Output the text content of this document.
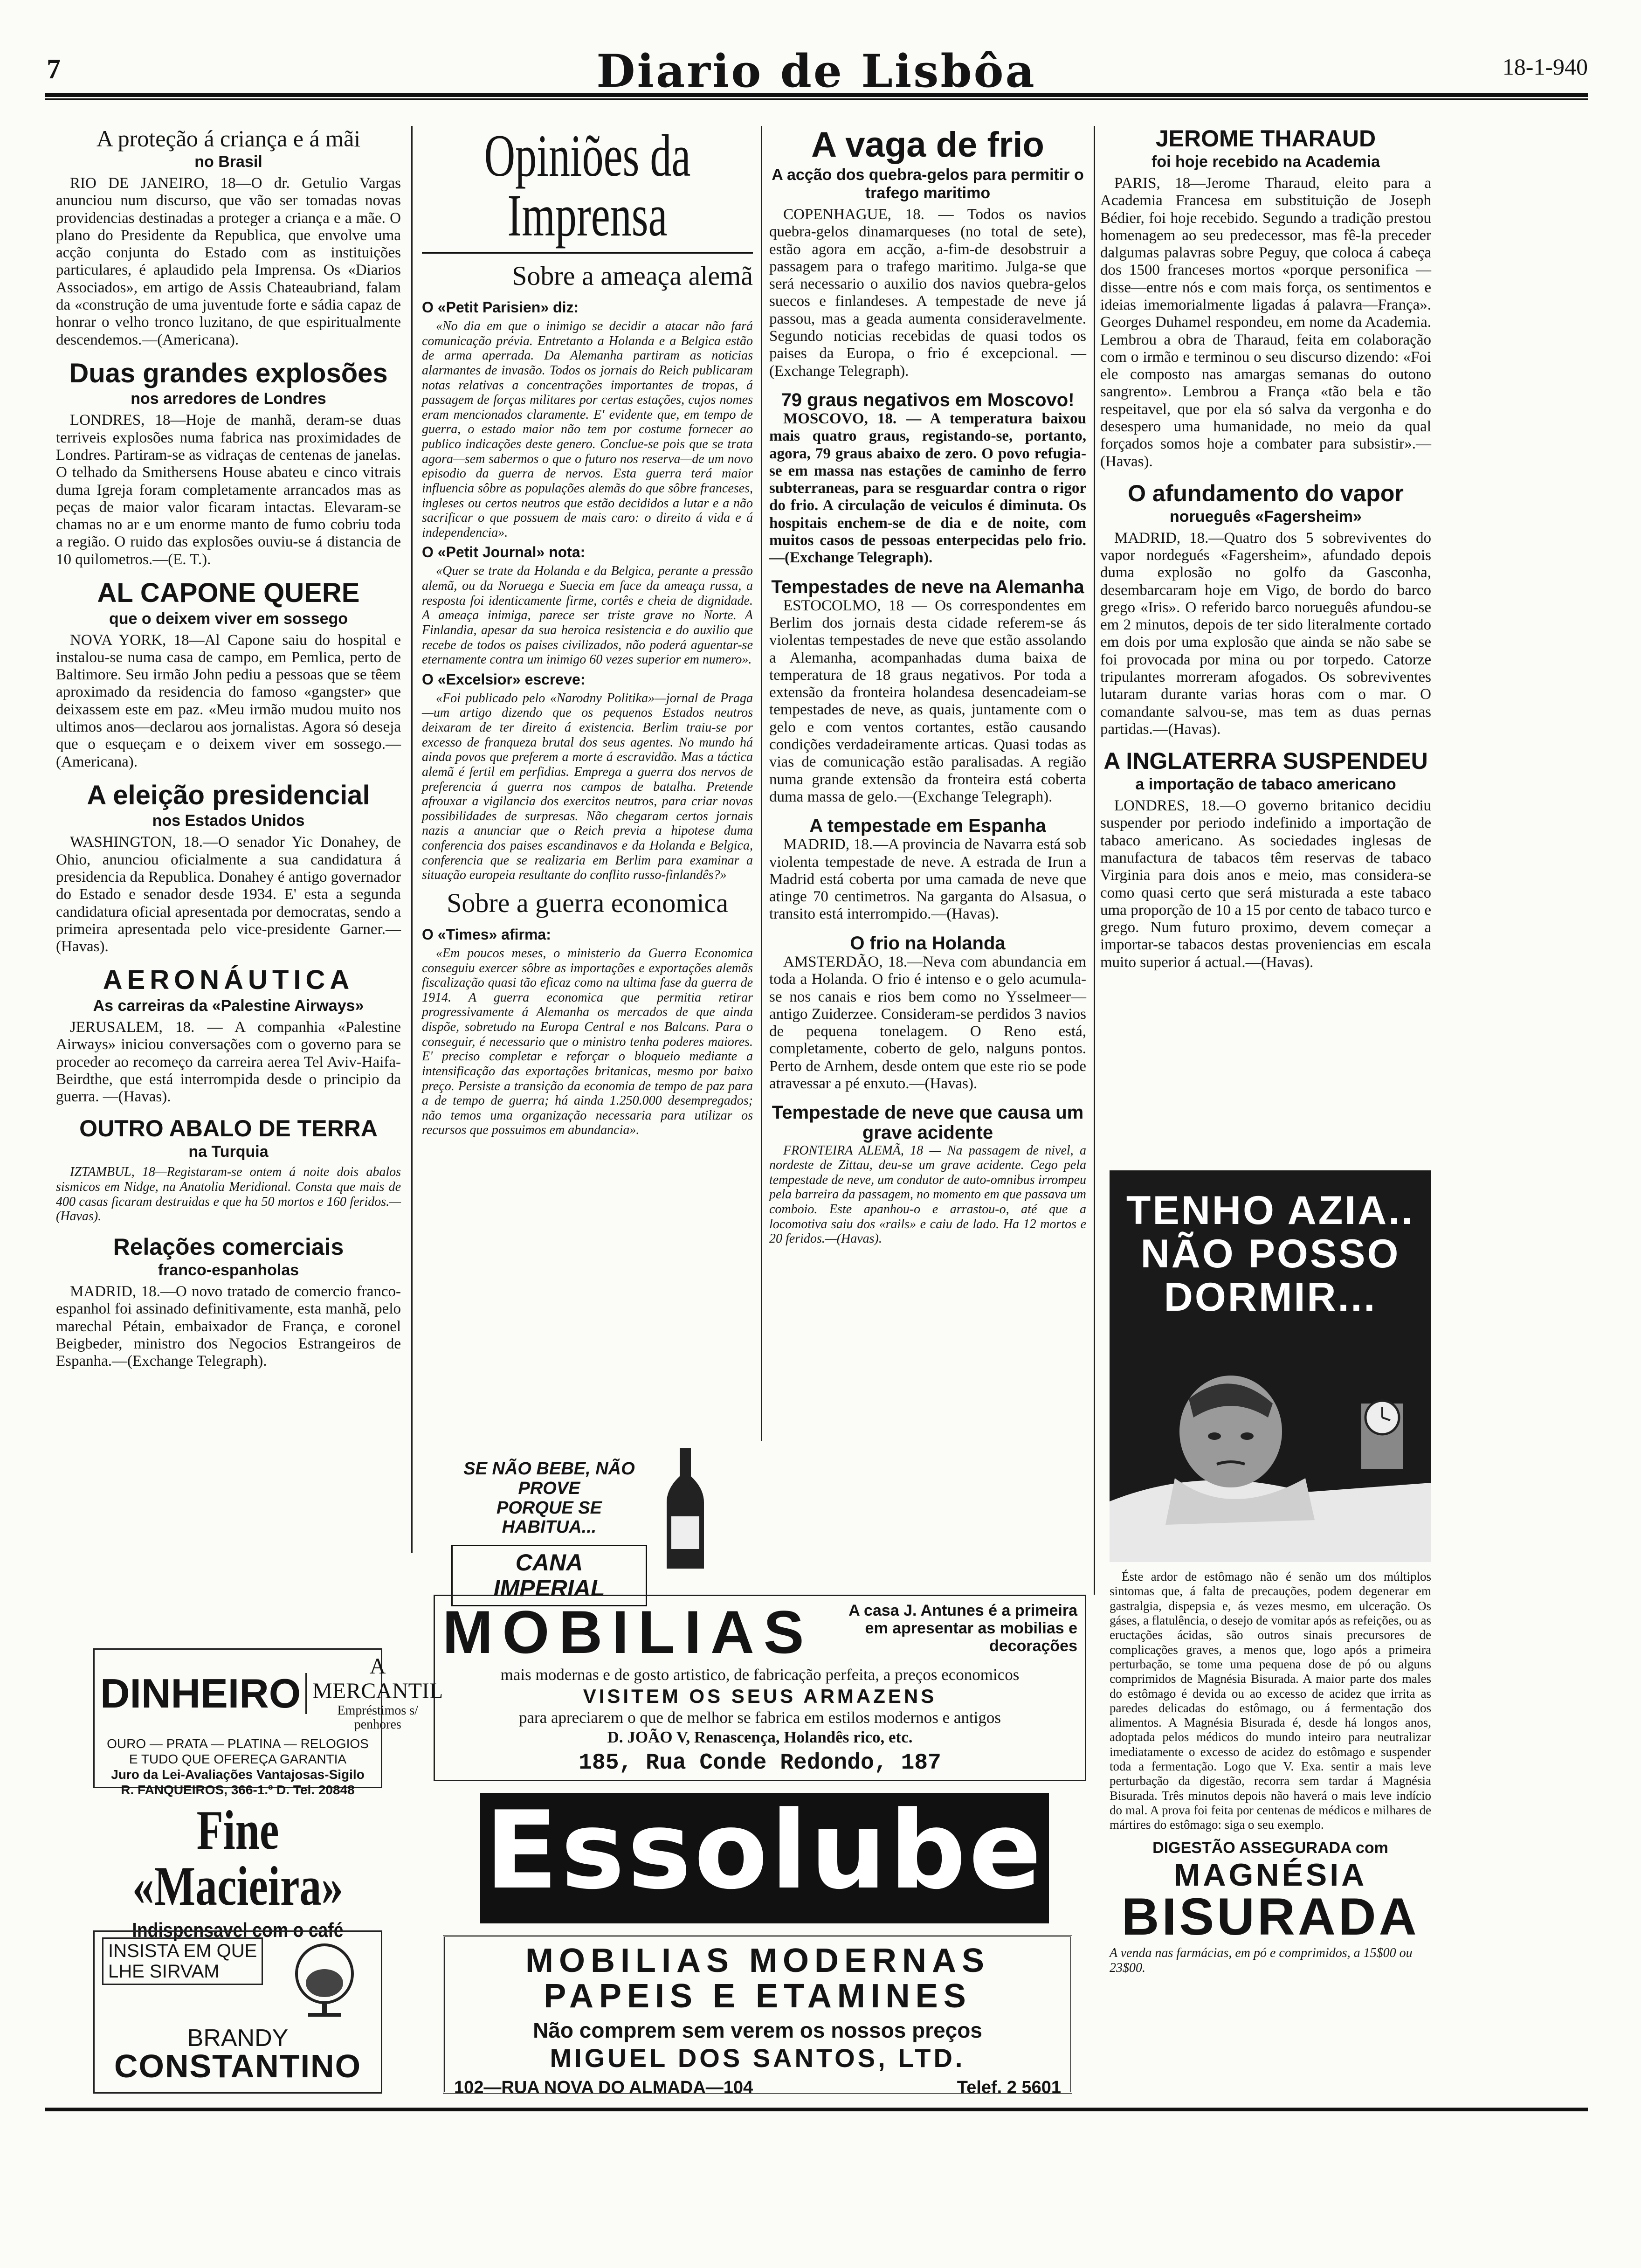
7	Diario de Lisbôa	18-1-940
A proteção á criança e á mãi
no Brasil

RIO DE JANEIRO, 18—O dr. Getulio Vargas anunciou num discurso, que vão ser tomadas novas providencias destinadas a proteger a criança e a mãe. O plano do Presidente da Republica, que envolve uma acção conjunta do Estado com as instituições particulares, é aplaudido pela Imprensa. Os «Diarios Associados», em artigo de Assis Chateaubriand, falam da «construção de uma juventude forte e sádia capaz de honrar o velho tronco luzitano, de que espiritualmente descendemos.—(Americana).

Duas grandes explosões
nos arredores de Londres

LONDRES, 18—Hoje de manhã, deram-se duas terriveis explosões numa fabrica nas proximidades de Londres. Partiram-se as vidraças de centenas de janelas. O telhado da Smithersens House abateu e cinco vitrais duma Igreja foram completamente arrancados mas as peças de maior valor ficaram intactas. Elevaram-se chamas no ar e um enorme manto de fumo cobriu toda a região. O ruido das explosões ouviu-se á distancia de 10 quilometros.—(E. T.).

AL CAPONE QUERE
que o deixem viver em sossego

NOVA YORK, 18—Al Capone saiu do hospital e instalou-se numa casa de campo, em Pemlica, perto de Baltimore. Seu irmão John pediu a pessoas que se têem aproximado da residencia do famoso «gangster» que deixassem este em paz. «Meu irmão mudou muito nos ultimos anos—declarou aos jornalistas. Agora só deseja que o esqueçam e o deixem viver em sossego.—(Americana).

A eleição presidencial
nos Estados Unidos

WASHINGTON, 18.—O senador Yic Donahey, de Ohio, anunciou oficialmente a sua candidatura á presidencia da Republica. Donahey é antigo governador do Estado e senador desde 1934. E' esta a segunda candidatura oficial apresentada por democratas, sendo a primeira apresentada pelo vice-presidente Garner.—(Havas).

AERONÁUTICA
As carreiras da «Palestine Airways»

JERUSALEM, 18. — A companhia «Palestine Airways» iniciou conversações com o governo para se proceder ao recomeço da carreira aerea Tel Aviv-Haifa-Beirdthe, que está interrompida desde o principio da guerra. —(Havas).

OUTRO ABALO DE TERRA
na Turquia

IZTAMBUL, 18—Registaram-se ontem á noite dois abalos sismicos em Nidge, na Anatolia Meridional. Consta que mais de 400 casas ficaram destruidas e que ha 50 mortos e 160 feridos.—(Havas).

Relações comerciais
franco-espanholas

MADRID, 18.—O novo tratado de comercio franco-espanhol foi assinado definitivamente, esta manhã, pelo marechal Pétain, embaixador de França, e coronel Beigbeder, ministro dos Negocios Estrangeiros de Espanha.—(Exchange Telegraph).

Opiniões da Imprensa
Sobre a ameaça alemã
O «Petit Parisien» diz:

«No dia em que o inimigo se decidir a atacar não fará comunicação prévia. Entretanto a Holanda e a Belgica estão de arma aperrada. Da Alemanha partiram as noticias alarmantes de invasão. Todos os jornais do Reich publicaram notas relativas a concentrações importantes de tropas, á passagem de forças militares por certas estações, cujos nomes eram mencionados claramente. E' evidente que, em tempo de guerra, o estado maior não tem por costume fornecer ao publico indicações deste genero. Conclue-se pois que se trata agora—sem sabermos o que o futuro nos reserva—de um novo episodio da guerra de nervos. Esta guerra terá maior influencia sôbre as populações alemãs do que sôbre franceses, ingleses ou certos neutros que estão decididos a lutar e a não sacrificar o que possuem de mais caro: o direito á vida e á independencia».

O «Petit Journal» nota:

«Quer se trate da Holanda e da Belgica, perante a pressão alemã, ou da Noruega e Suecia em face da ameaça russa, a resposta foi identicamente firme, cortês e cheia de dignidade. A ameaça inimiga, parece ser triste grave no Norte. A Finlandia, apesar da sua heroica resistencia e do auxilio que recebe de todos os paises civilizados, não poderá aguentar-se eternamente contra um inimigo 60 vezes superior em numero».

O «Excelsior» escreve:

«Foi publicado pelo «Narodny Politika»—jornal de Praga—um artigo dizendo que os pequenos Estados neutros deixaram de ter direito á existencia. Berlim traiu-se por excesso de franqueza brutal dos seus agentes. No mundo há ainda povos que preferem a morte á escravidão. Mas a táctica alemã é fertil em perfidias. Emprega a guerra dos nervos de preferencia á guerra nos campos de batalha. Pretende afrouxar a vigilancia dos exercitos neutros, para criar novas possibilidades de surpresas. Não chegaram certos jornais nazis a anunciar que o Reich previa a hipotese duma conferencia dos paises escandinavos e da Holanda e Belgica, conferencia que se realizaria em Berlim para examinar a situação europeia resultante do conflito russo-finlandês?»

Sobre a guerra economica
O «Times» afirma:

«Em poucos meses, o ministerio da Guerra Economica conseguiu exercer sôbre as importações e exportações alemãs fiscalização quasi tão eficaz como na ultima fase da guerra de 1914. A guerra economica que permitia retirar progressivamente á Alemanha os mercados de que ainda dispõe, sobretudo na Europa Central e nos Balcans. Para o conseguir, é necessario que o ministro tenha poderes maiores. E' preciso completar e reforçar o bloqueio mediante a intensificação das exportações britanicas, mesmo por baixo preço. Persiste a transição da economia de tempo de paz para a de tempo de guerra; há ainda 1.250.000 desempregados; não temos uma organização necessaria para utilizar os recursos que possuimos em abundancia».

A vaga de frio
A acção dos quebra-gelos para permitir o trafego maritimo

COPENHAGUE, 18. — Todos os navios quebra-gelos dinamarqueses (no total de sete), estão agora em acção, a-fim-de desobstruir a passagem para o trafego maritimo. Julga-se que será necessario o auxilio dos navios quebra-gelos suecos e finlandeses. A tempestade de neve já passou, mas a geada aumenta consideravelmente. Segundo noticias recebidas de quasi todos os paises da Europa, o frio é excepcional. — (Exchange Telegraph).

79 graus negativos em Moscovo!

MOSCOVO, 18. — A temperatura baixou mais quatro graus, registando-se, portanto, agora, 79 graus abaixo de zero. O povo refugia-se em massa nas estações de caminho de ferro subterraneas, para se resguardar contra o rigor do frio. A circulação de veiculos é diminuta. Os hospitais enchem-se de dia e de noite, com muitos casos de pessoas enterpecidas pelo frio.—(Exchange Telegraph).

Tempestades de neve na Alemanha

ESTOCOLMO, 18 — Os correspondentes em Berlim dos jornais desta cidade referem-se ás violentas tempestades de neve que estão assolando a Alemanha, acompanhadas duma baixa de temperatura de 18 graus negativos. Por toda a extensão da fronteira holandesa desencadeiam-se tempestades de neve, as quais, juntamente com o gelo e com ventos cortantes, estão causando condições verdadeiramente articas. Quasi todas as vias de comunicação estão paralisadas. A região numa grande extensão da fronteira está coberta duma massa de gelo.—(Exchange Telegraph).

A tempestade em Espanha

MADRID, 18.—A provincia de Navarra está sob violenta tempestade de neve. A estrada de Irun a Madrid está coberta por uma camada de neve que atinge 70 centimetros. Na garganta do Alsasua, o transito está interrompido.—(Havas).

O frio na Holanda

AMSTERDÃO, 18.—Neva com abundancia em toda a Holanda. O frio é intenso e o gelo acumula-se nos canais e rios bem como no Ysselmeer—antigo Zuiderzee. Consideram-se perdidos 3 navios de pequena tonelagem. O Reno está, completamente, coberto de gelo, nalguns pontos. Perto de Arnhem, desde ontem que este rio se pode atravessar a pé enxuto.—(Havas).

Tempestade de neve que causa um grave acidente

FRONTEIRA ALEMÃ, 18 — Na passagem de nivel, a nordeste de Zittau, deu-se um grave acidente. Cego pela tempestade de neve, um condutor de auto-omnibus irrompeu pela barreira da passagem, no momento em que passava um comboio. Este apanhou-o e arrastou-o, até que a locomotiva saiu dos «rails» e caiu de lado. Ha 12 mortos e 20 feridos.—(Havas).

JEROME THARAUD
foi hoje recebido na Academia

PARIS, 18—Jerome Tharaud, eleito para a Academia Francesa em substituição de Joseph Bédier, foi hoje recebido. Segundo a tradição prestou homenagem ao seu predecessor, mas fê-la preceder dalgumas palavras sobre Peguy, que coloca á cabeça dos 1500 franceses mortos «porque personifica —disse—entre nós e com mais força, os sentimentos e ideias imemorialmente ligadas á palavra—França». Georges Duhamel respondeu, em nome da Academia. Lembrou a obra de Tharaud, feita em colaboração com o irmão e terminou o seu discurso dizendo: «Foi ele composto nas amargas semanas do outono sangrento». Lembrou a França «tão bela e tão respeitavel, que por ela só salva da vergonha e do desespero uma humanidade, no meio da qual forçados somos hoje a combater para subsistir».—(Havas).

O afundamento do vapor
norueguês «Fagersheim»

MADRID, 18.—Quatro dos 5 sobreviventes do vapor nordegués «Fagersheim», afundado depois duma explosão no golfo da Gasconha, desembarcaram hoje em Vigo, de bordo do barco grego «Iris». O referido barco norueguês afundou-se em 2 minutos, depois de ter sido literalmente cortado em dois por uma explosão que ainda se não sabe se foi provocada por mina ou por torpedo. Catorze tripulantes morreram afogados. Os sobreviventes lutaram durante varias horas com o mar. O comandante salvou-se, mas tem as duas pernas partidas.—(Havas).

A INGLATERRA SUSPENDEU
a importação de tabaco americano

LONDRES, 18.—O governo britanico decidiu suspender por periodo indefinido a importação de tabaco americano. As sociedades inglesas de manufactura de tabacos têm reservas de tabaco Virginia para dois anos e meio, mas considera-se como quasi certo que será misturada a este tabaco uma proporção de 10 a 15 por cento de tabaco turco e grego. Num futuro proximo, devem começar a importar-se tabacos destas proveniencias em escala muito superior á actual.—(Havas).

SE NÃO BEBE, NÃO PROVE
PORQUE SE HABITUA...
CANA IMPERIAL
MOBILIAS A casa J. Antunes é a primeira em apresentar as mobilias e decorações
mais modernas e de gosto artistico, de fabricação perfeita, a preços economicos
VISITEM OS SEUS ARMAZENS
para apreciarem o que de melhor se fabrica em estilos modernos e antigos
D. JOÃO V, Renascença, Holandês rico, etc.
185, Rua Conde Redondo, 187
Essolube
MOBILIAS MODERNAS
PAPEIS E ETAMINES
Não comprem sem verem os nossos preços
MIGUEL DOS SANTOS, LTD.
102—RUA NOVA DO ALMADA—104	Telef. 2 5601
DINHEIRO
A MERCANTIL
Empréstimos s/ penhores
OURO — PRATA — PLATINA — RELOGIOS
E TUDO QUE OFEREÇA GARANTIA
Juro da Lei-Avaliações Vantajosas-Sigilo
R. FANQUEIROS, 366-1.º D. Tel. 20848
Fine «Macieira»
Indispensavel com o café
INSISTA EM QUE
LHE SIRVAM
BRANDY
CONSTANTINO
TENHO AZIA..
NÃO POSSO
DORMIR...

Éste ardor de estômago não é senão um dos múltiplos sintomas que, á falta de precauções, podem degenerar em gastralgia, dispepsia e, ás vezes mesmo, em ulceração. Os gáses, a flatulência, o desejo de vomitar após as refeições, ou as eructações ácidas, são outros sinais precursores de complicações graves, a menos que, logo após a primeira perturbação, se tome uma pequena dose de pó ou alguns comprimidos de Magnésia Bisurada. A maior parte dos males do estômago é devida ou ao excesso de acidez que irrita as paredes delicadas do estômago, ou á fermentação dos alimentos. A Magnésia Bisurada é, desde há longos anos, adoptada pelos médicos do mundo inteiro para neutralizar imediatamente o excesso de acidez do estômago e suspender toda a fermentação. Logo que V. Exa. sentir a mais leve perturbação da digestão, recorra sem tardar á Magnésia Bisurada. Três minutos depois não haverá o mais leve indício do mal. A prova foi feita por centenas de médicos e milhares de mártires do estômago: siga o seu exemplo.

DIGESTÃO ASSEGURADA com
MAGNÉSIA
BISURADA
A venda nas farmácias, em pó e comprimidos, a 15$00 ou 23$00.
